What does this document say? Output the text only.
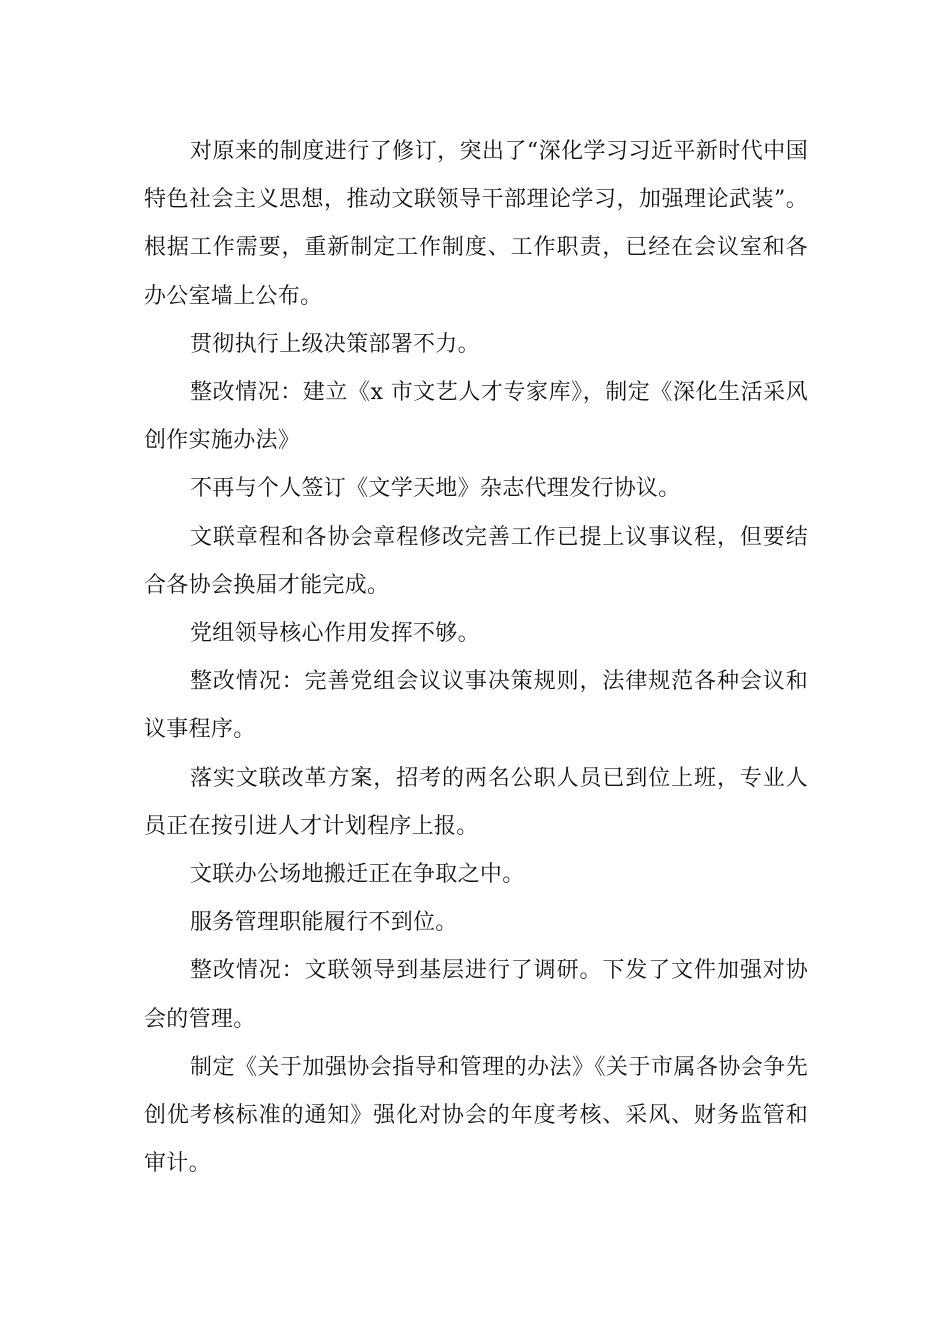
对原来的制度进行了修订，突出了“深化学习习近平新时代中国特色社会主义思想，推动文联领导干部理论学习，加强理论武装”。根据工作需要，重新制定工作制度、工作职责，已经在会议室和各办公室墙上公布。

贯彻执行上级决策部署不力。

整改情况：建立《x 市文艺人才专家库》，制定《深化生活采风创作实施办法》

不再与个人签订《文学天地》杂志代理发行协议。

文联章程和各协会章程修改完善工作已提上议事议程，但要结合各协会换届才能完成。

党组领导核心作用发挥不够。

整改情况：完善党组会议议事决策规则，法律规范各种会议和议事程序。

落实文联改革方案，招考的两名公职人员已到位上班，专业人员正在按引进人才计划程序上报。

文联办公场地搬迁正在争取之中。

服务管理职能履行不到位。

整改情况：文联领导到基层进行了调研。下发了文件加强对协会的管理。

制定《关于加强协会指导和管理的办法》《关于市属各协会争先创优考核标准的通知》强化对协会的年度考核、采风、财务监管和审计。
